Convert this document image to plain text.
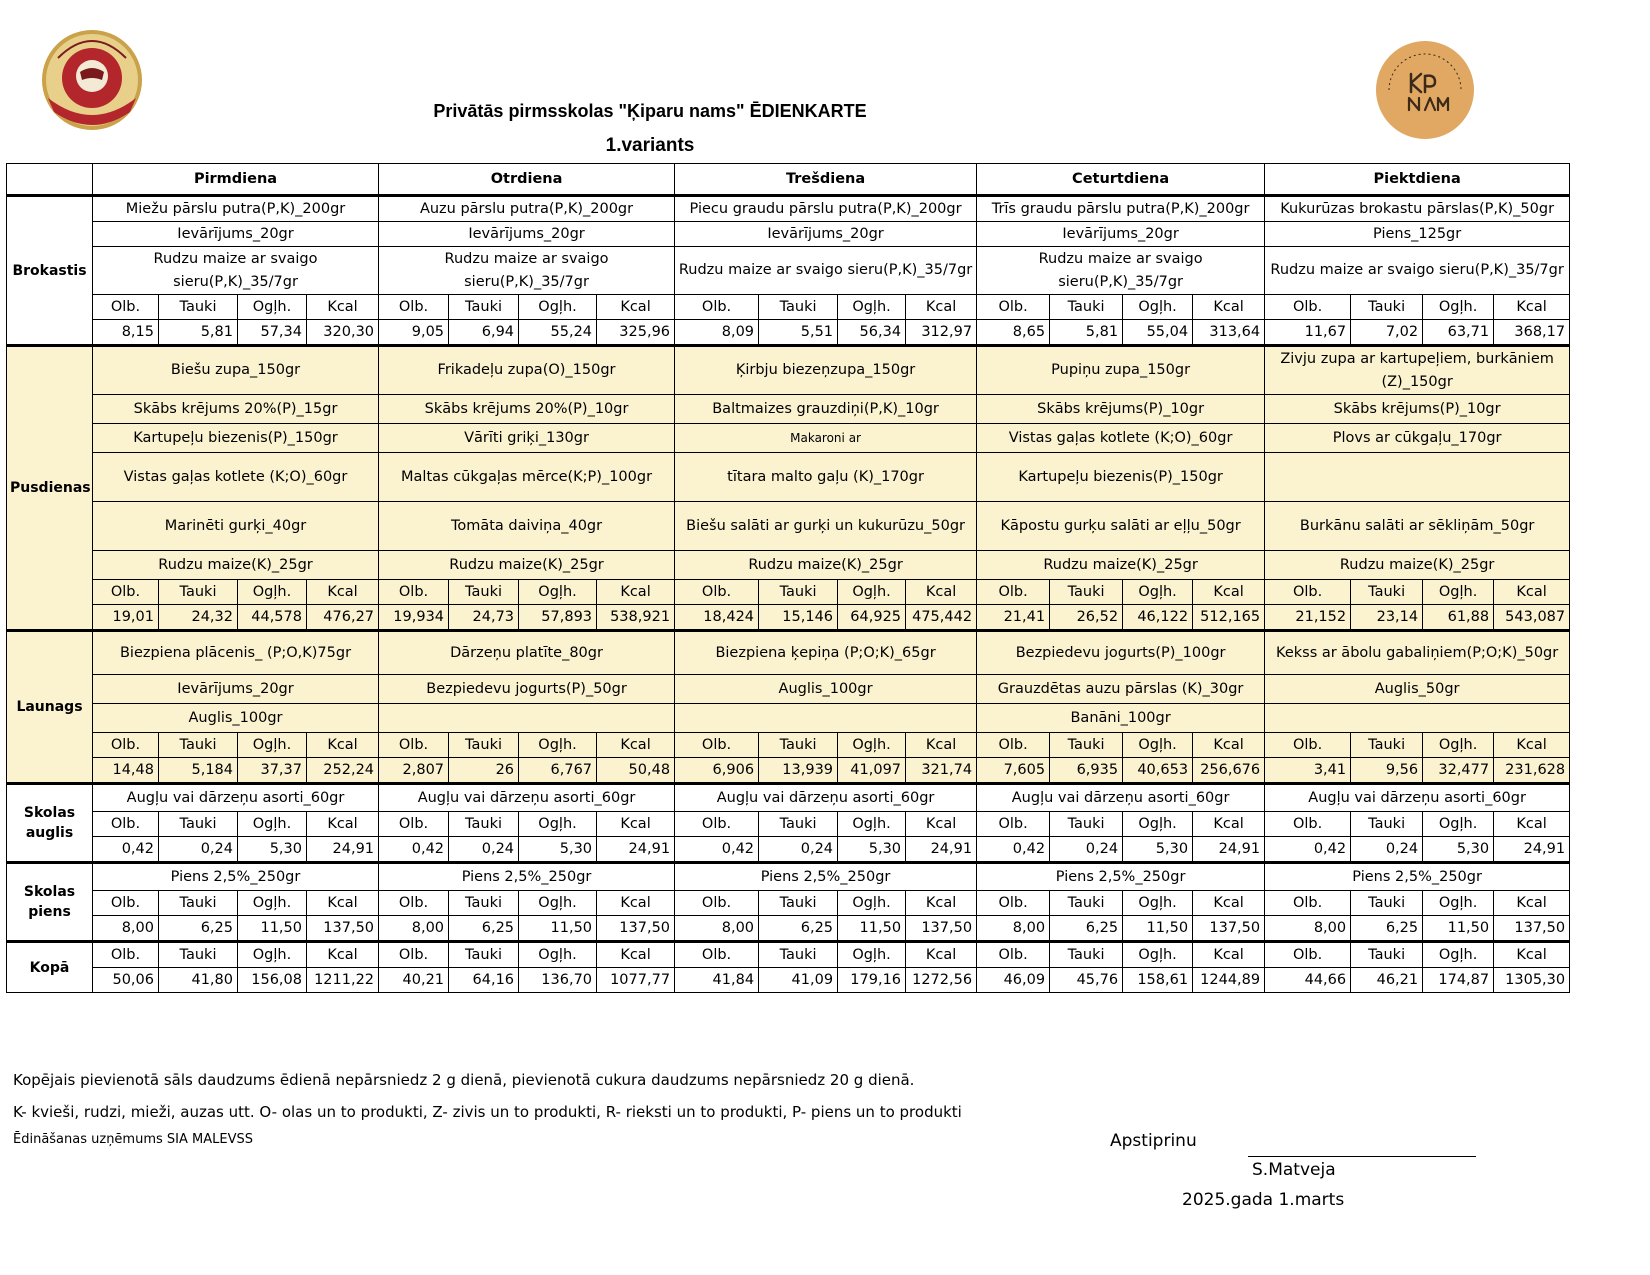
Privātās pirmsskolas "Ķiparu nams" ĒDIENKARTE
1.variants
	Pirmdiena				Otrdiena				Trešdiena				Ceturtdiena				Piektdiena			
Brokastis	Miežu pārslu putra(P,K)_200gr				Auzu pārslu putra(P,K)_200gr				Piecu graudu pārslu putra(P,K)_200gr				Trīs graudu pārslu putra(P,K)_200gr				Kukurūzas brokastu pārslas(P,K)_50gr			
	Ievārījums_20gr				Ievārījums_20gr				Ievārījums_20gr				Ievārījums_20gr				Piens_125gr			
	Rudzu maize ar svaigo sieru(P,K)_35/7gr				Rudzu maize ar svaigo sieru(P,K)_35/7gr				Rudzu maize ar svaigo sieru(P,K)_35/7gr				Rudzu maize ar svaigo sieru(P,K)_35/7gr				Rudzu maize ar svaigo sieru(P,K)_35/7gr			
	Olb.	Tauki	Ogļh.	Kcal	Olb.	Tauki	Ogļh.	Kcal	Olb.	Tauki	Ogļh.	Kcal	Olb.	Tauki	Ogļh.	Kcal	Olb.	Tauki	Ogļh.	Kcal
	8,15	5,81	57,34	320,30	9,05	6,94	55,24	325,96	8,09	5,51	56,34	312,97	8,65	5,81	55,04	313,64	11,67	7,02	63,71	368,17
Pusdienas	Biešu zupa_150gr				Frikadeļu zupa(O)_150gr				Ķirbju biezeņzupa_150gr				Pupiņu zupa_150gr				Zivju zupa ar kartupeļiem, burkāniem (Z)_150gr			
	Skābs krējums 20%(P)_15gr				Skābs krējums 20%(P)_10gr				Baltmaizes grauzdiņi(P,K)_10gr				Skābs krējums(P)_10gr				Skābs krējums(P)_10gr			
	Kartupeļu biezenis(P)_150gr				Vārīti griķi_130gr				Makaroni ar				Vistas gaļas kotlete (K;O)_60gr				Plovs ar cūkgaļu_170gr			
	Vistas gaļas kotlete (K;O)_60gr				Maltas cūkgaļas mērce(K;P)_100gr				tītara malto gaļu (K)_170gr				Kartupeļu biezenis(P)_150gr							
	Marinēti gurķi_40gr				Tomāta daiviņa_40gr				Biešu salāti ar gurķi un kukurūzu_50gr				Kāpostu gurķu salāti ar eļļu_50gr				Burkānu salāti ar sēkliņām_50gr			
	Rudzu maize(K)_25gr				Rudzu maize(K)_25gr				Rudzu maize(K)_25gr				Rudzu maize(K)_25gr				Rudzu maize(K)_25gr			
	Olb.	Tauki	Ogļh.	Kcal	Olb.	Tauki	Ogļh.	Kcal	Olb.	Tauki	Ogļh.	Kcal	Olb.	Tauki	Ogļh.	Kcal	Olb.	Tauki	Ogļh.	Kcal
	19,01	24,32	44,578	476,27	19,934	24,73	57,893	538,921	18,424	15,146	64,925	475,442	21,41	26,52	46,122	512,165	21,152	23,14	61,88	543,087
Launags	Biezpiena plācenis_ (P;O,K)75gr				Dārzeņu platīte_80gr				Biezpiena ķepiņa (P;O;K)_65gr				Bezpiedevu jogurts(P)_100gr				Kekss ar ābolu gabaliņiem(P;O;K)_50gr			
	Ievārījums_20gr				Bezpiedevu jogurts(P)_50gr				Auglis_100gr				Grauzdētas auzu pārslas (K)_30gr				Auglis_50gr			
	Auglis_100gr												Banāni_100gr							
	Olb.	Tauki	Ogļh.	Kcal	Olb.	Tauki	Ogļh.	Kcal	Olb.	Tauki	Ogļh.	Kcal	Olb.	Tauki	Ogļh.	Kcal	Olb.	Tauki	Ogļh.	Kcal
	14,48	5,184	37,37	252,24	2,807	26	6,767	50,48	6,906	13,939	41,097	321,74	7,605	6,935	40,653	256,676	3,41	9,56	32,477	231,628
Skolas auglis	Augļu vai dārzeņu asorti_60gr				Augļu vai dārzeņu asorti_60gr				Augļu vai dārzeņu asorti_60gr				Augļu vai dārzeņu asorti_60gr				Augļu vai dārzeņu asorti_60gr			
	Olb.	Tauki	Ogļh.	Kcal	Olb.	Tauki	Ogļh.	Kcal	Olb.	Tauki	Ogļh.	Kcal	Olb.	Tauki	Ogļh.	Kcal	Olb.	Tauki	Ogļh.	Kcal
	0,42	0,24	5,30	24,91	0,42	0,24	5,30	24,91	0,42	0,24	5,30	24,91	0,42	0,24	5,30	24,91	0,42	0,24	5,30	24,91
Skolas piens	Piens 2,5%_250gr				Piens 2,5%_250gr				Piens 2,5%_250gr				Piens 2,5%_250gr				Piens 2,5%_250gr			
	Olb.	Tauki	Ogļh.	Kcal	Olb.	Tauki	Ogļh.	Kcal	Olb.	Tauki	Ogļh.	Kcal	Olb.	Tauki	Ogļh.	Kcal	Olb.	Tauki	Ogļh.	Kcal
	8,00	6,25	11,50	137,50	8,00	6,25	11,50	137,50	8,00	6,25	11,50	137,50	8,00	6,25	11,50	137,50	8,00	6,25	11,50	137,50
Kopā	Olb.	Tauki	Ogļh.	Kcal	Olb.	Tauki	Ogļh.	Kcal	Olb.	Tauki	Ogļh.	Kcal	Olb.	Tauki	Ogļh.	Kcal	Olb.	Tauki	Ogļh.	Kcal
	50,06	41,80	156,08	1211,22	40,21	64,16	136,70	1077,77	41,84	41,09	179,16	1272,56	46,09	45,76	158,61	1244,89	44,66	46,21	174,87	1305,30
Kopējais pievienotā sāls daudzums ēdienā nepārsniedz 2 g dienā, pievienotā cukura daudzums nepārsniedz 20 g dienā.
K- kvieši, rudzi, mieži, auzas utt. O- olas un to produkti, Z- zivis un to produkti, R- rieksti un to produkti, P- piens un to produkti
Ēdināšanas uzņēmums SIA MALEVSS	Apstiprinu
S.Matveja
2025.gada 1.marts
